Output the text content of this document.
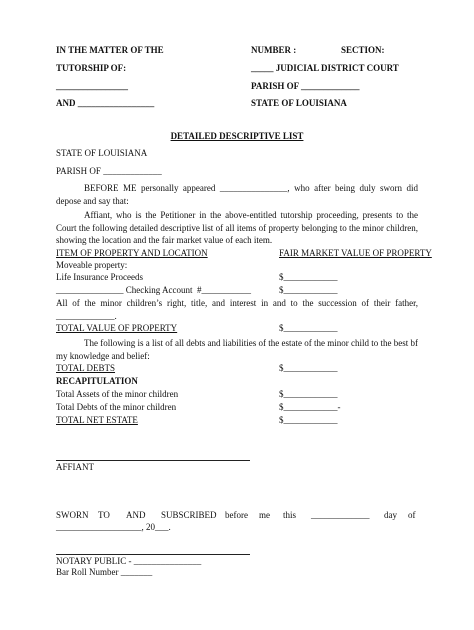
IN THE MATTER OF THE	NUMBER :	SECTION:
TUTORSHIP OF:	_____ JUDICIAL DISTRICT COURT
________________	PARISH OF _____________
AND _________________	STATE OF LOUISIANA
DETAILED DESCRIPTIVE LIST
STATE OF LOUISIANA
PARISH OF _____________
BEFORE ME personally appeared _______________, who after being duly sworn did depose and say that:
Affiant, who is the Petitioner in the above-entitled tutorship proceeding, presents to the Court the following detailed descriptive list of all items of property belonging to the minor children, showing the location and the fair market value of each item.
ITEM OF PROPERTY AND LOCATION	FAIR MARKET VALUE OF PROPERTY
Moveable property:
Life Insurance Proceeds	$____________
_______________ Checking Account  #___________	$____________
All of the minor children’s right, title, and interest in and to the succession of their father, _____________.
TOTAL VALUE OF PROPERTY	$____________
The following is a list of all debts and liabilities of the estate of the minor child to the best bf my knowledge and belief:
TOTAL DEBTS	$____________
RECAPITULATION
Total Assets of the minor children	$____________
Total Debts of the minor children	$____________-
TOTAL NET ESTATE	$____________
AFFIANT
SWORN TO AND SUBSCRIBED before me this _____________ day of
___________________, 20___.
NOTARY PUBLIC - _______________
Bar Roll Number _______
